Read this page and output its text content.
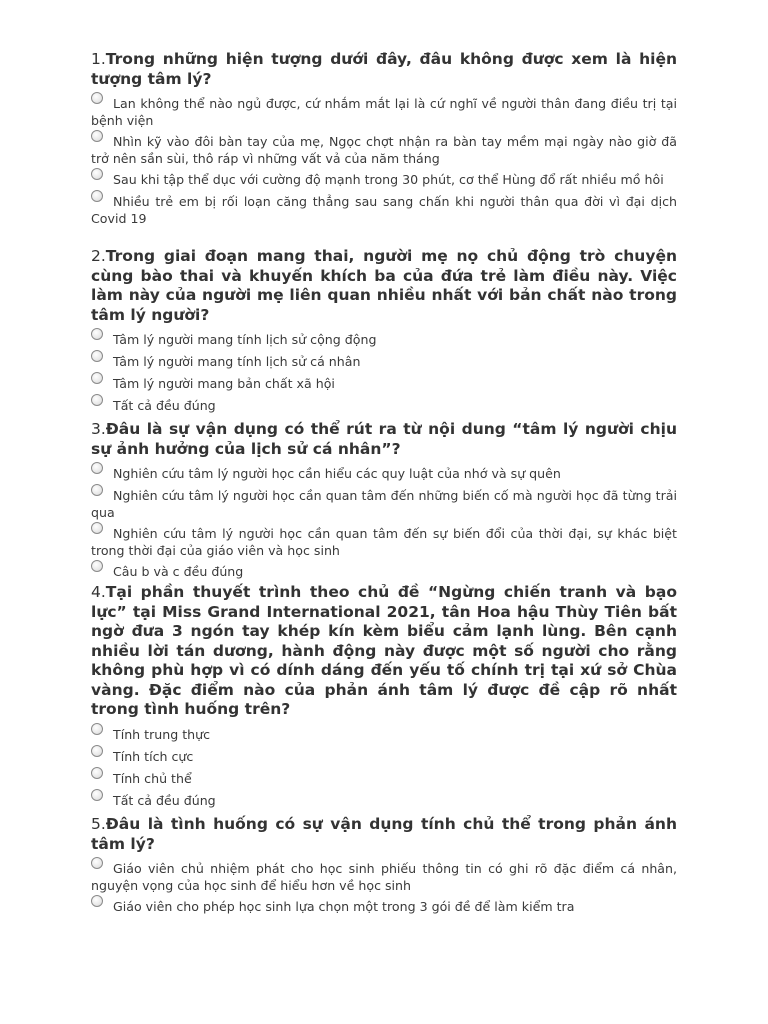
1.Trong những hiện tượng dưới đây, đâu không được xem là hiện tượng tâm lý?
Lan không thể nào ngủ được, cứ nhắm mắt lại là cứ nghĩ về người thân đang điều trị tại bệnh viện
Nhìn kỹ vào đôi bàn tay của mẹ, Ngọc chợt nhận ra bàn tay mềm mại ngày nào giờ đã trở nên sần sùi, thô ráp vì những vất vả của năm tháng
Sau khi tập thể dục với cường độ mạnh trong 30 phút, cơ thể Hùng đổ rất nhiều mồ hôi
Nhiều trẻ em bị rối loạn căng thẳng sau sang chấn khi người thân qua đời vì đại dịch Covid 19
2.Trong giai đoạn mang thai, người mẹ nọ chủ động trò chuyện cùng bào thai và khuyến khích ba của đứa trẻ làm điều này. Việc làm này của người mẹ liên quan nhiều nhất với bản chất nào trong tâm lý người?
Tâm lý người mang tính lịch sử cộng động
Tâm lý người mang tính lịch sử cá nhân
Tâm lý người mang bản chất xã hội
Tất cả đều đúng
3.Đâu là sự vận dụng có thể rút ra từ nội dung “tâm lý người chịu sự ảnh hưởng của lịch sử cá nhân”?
Nghiên cứu tâm lý người học cần hiểu các quy luật của nhớ và sự quên
Nghiên cứu tâm lý người học cần quan tâm đến những biến cố mà người học đã từng trải qua
Nghiên cứu tâm lý người học cần quan tâm đến sự biến đổi của thời đại, sự khác biệt trong thời đại của giáo viên và học sinh
Câu b và c đều đúng
4.Tại phần thuyết trình theo chủ đề “Ngừng chiến tranh và bạo lực” tại Miss Grand International 2021, tân Hoa hậu Thùy Tiên bất ngờ đưa 3 ngón tay khép kín kèm biểu cảm lạnh lùng. Bên cạnh nhiều lời tán dương, hành động này được một số người cho rằng không phù hợp vì có dính dáng đến yếu tố chính trị tại xứ sở Chùa vàng. Đặc điểm nào của phản ánh tâm lý được đề cập rõ nhất trong tình huống trên?
Tính trung thực
Tính tích cực
Tính chủ thể
Tất cả đều đúng
5.Đâu là tình huống có sự vận dụng tính chủ thể trong phản ánh tâm lý?
Giáo viên chủ nhiệm phát cho học sinh phiếu thông tin có ghi rõ đặc điểm cá nhân, nguyện vọng của học sinh để hiểu hơn về học sinh
Giáo viên cho phép học sinh lựa chọn một trong 3 gói đề để làm kiểm tra
